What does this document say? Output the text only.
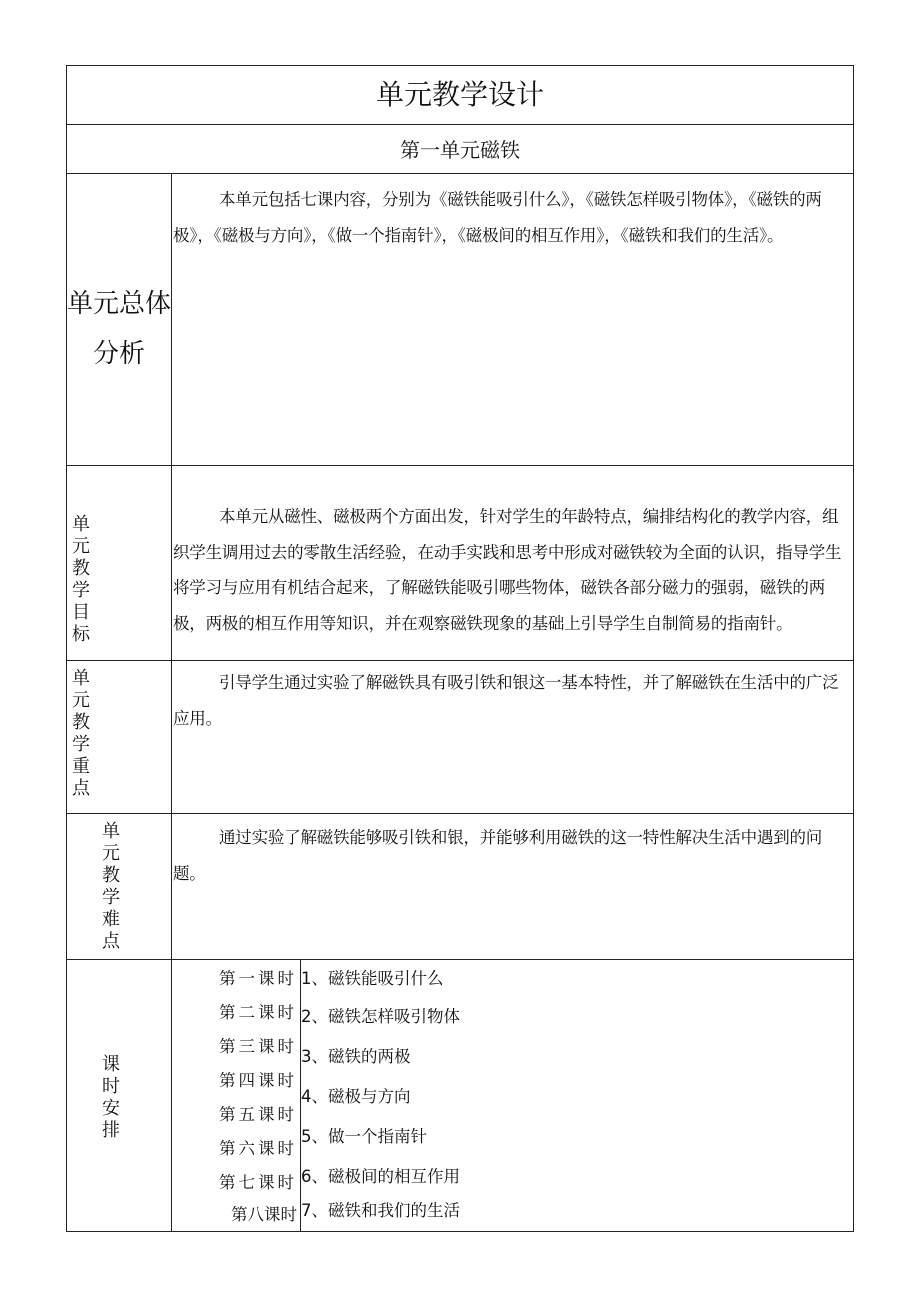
单元教学设计
第一单元磁铁
单元总体
分析
本单元包括七课内容，分别为《磁铁能吸引什么》，《磁铁怎样吸引物体》，《磁铁的两极》，《磁极与方向》，《做一个指南针》，《磁极间的相互作用》，《磁铁和我们的生活》。
单元教学目标
本单元从磁性、磁极两个方面出发，针对学生的年龄特点，编排结构化的教学内容，组织学生调用过去的零散生活经验，在动手实践和思考中形成对磁铁较为全面的认识，指导学生将学习与应用有机结合起来，了解磁铁能吸引哪些物体，磁铁各部分磁力的强弱，磁铁的两极，两极的相互作用等知识，并在观察磁铁现象的基础上引导学生自制简易的指南针。
单元教学重点
引导学生通过实验了解磁铁具有吸引铁和银这一基本特性，并了解磁铁在生活中的广泛应用。
单元教学难点
通过实验了解磁铁能够吸引铁和银，并能够利用磁铁的这一特性解决生活中遇到的问题。
课时安排
第一课时 1、磁铁能吸引什么
第二课时 2、磁铁怎样吸引物体
第三课时
3、磁铁的两极
第四课时
4、磁极与方向
第五课时
5、做一个指南针
第六课时
6、磁极间的相互作用
第七课时
第八课时 7、磁铁和我们的生活
